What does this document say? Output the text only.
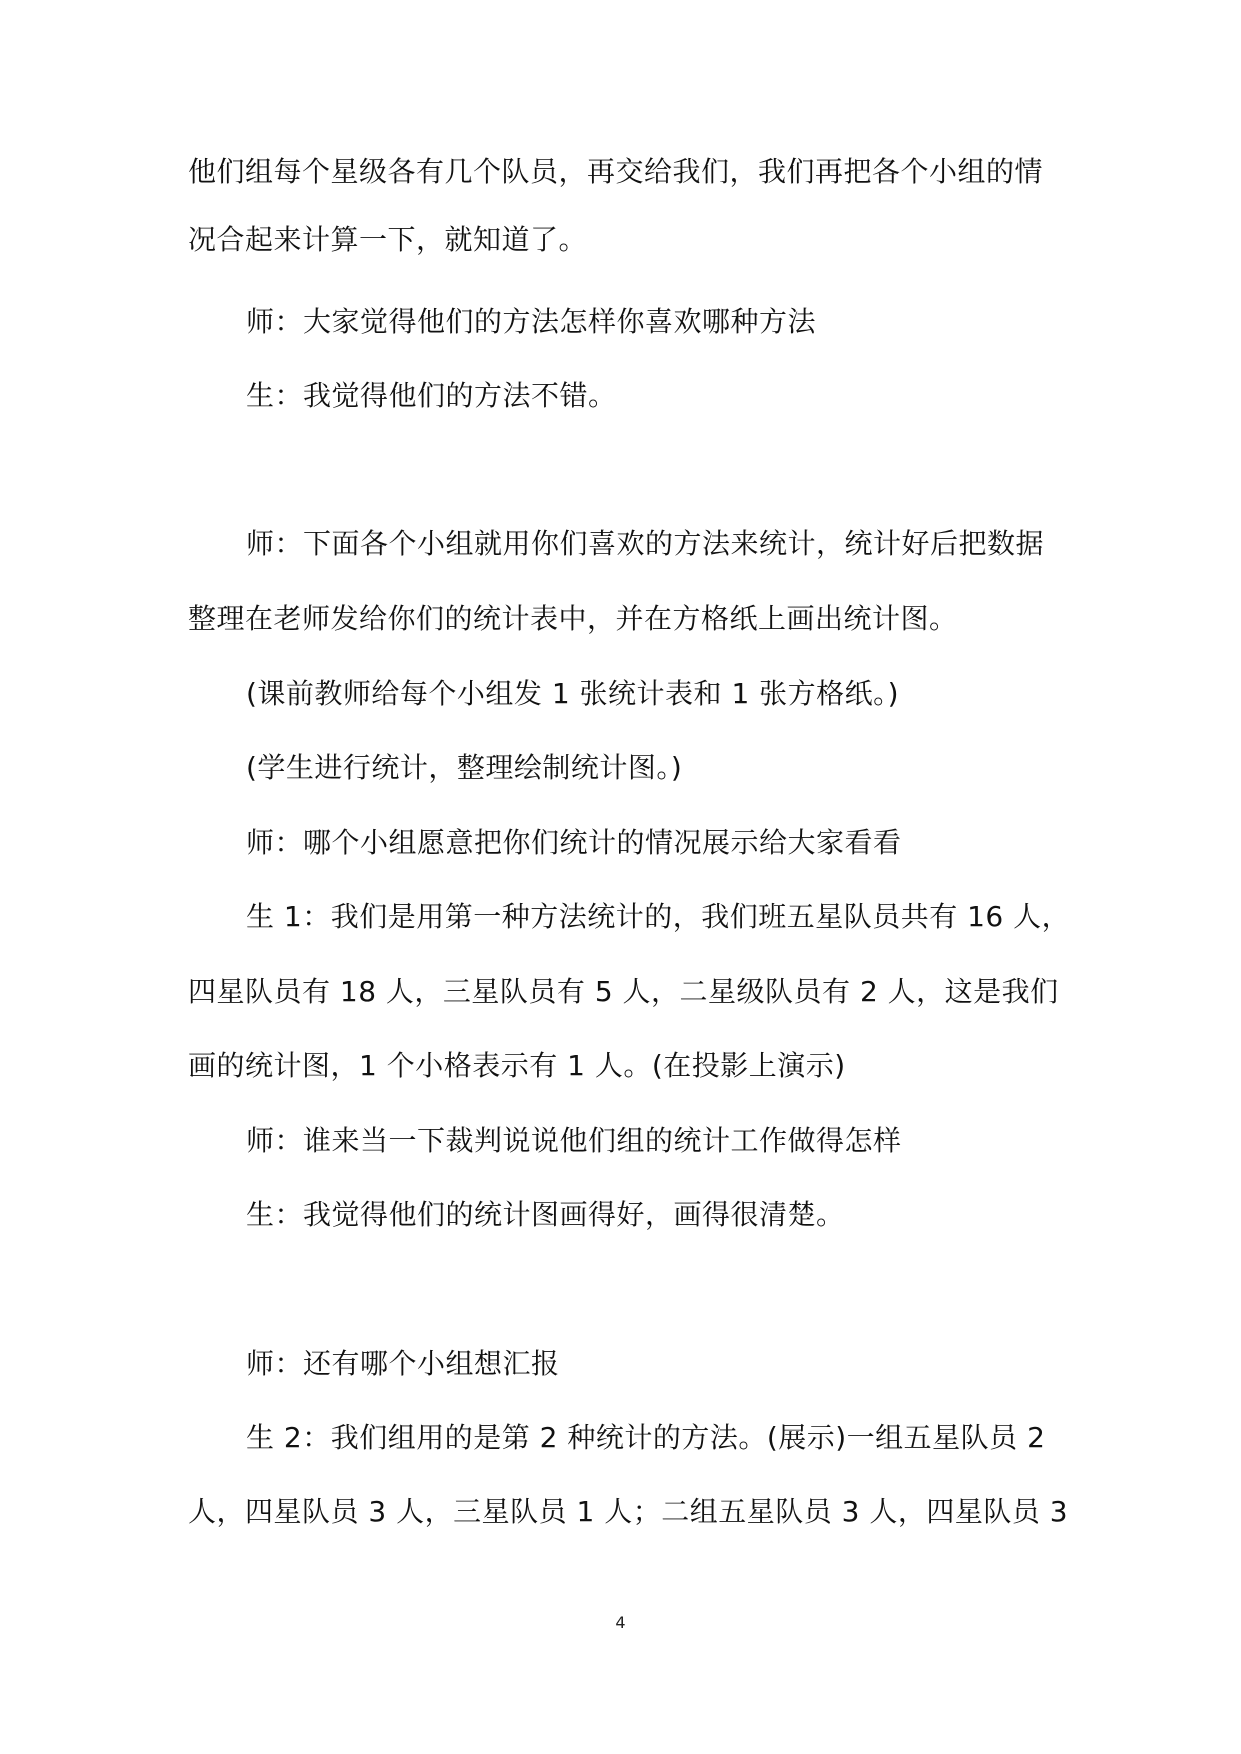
他们组每个星级各有几个队员，再交给我们，我们再把各个小组的情
况合起来计算一下，就知道了。
师：大家觉得他们的方法怎样你喜欢哪种方法
生：我觉得他们的方法不错。
师：下面各个小组就用你们喜欢的方法来统计，统计好后把数据
整理在老师发给你们的统计表中，并在方格纸上画出统计图。
(课前教师给每个小组发 1 张统计表和 1 张方格纸。)
(学生进行统计，整理绘制统计图。)
师：哪个小组愿意把你们统计的情况展示给大家看看
生 1：我们是用第一种方法统计的，我们班五星队员共有 16 人，
四星队员有 18 人，三星队员有 5 人，二星级队员有 2 人，这是我们
画的统计图，1 个小格表示有 1 人。(在投影上演示)
师：谁来当一下裁判说说他们组的统计工作做得怎样
生：我觉得他们的统计图画得好，画得很清楚。
师：还有哪个小组想汇报
生 2：我们组用的是第 2 种统计的方法。(展示)一组五星队员 2
人，四星队员 3 人，三星队员 1 人；二组五星队员 3 人，四星队员 3
4
